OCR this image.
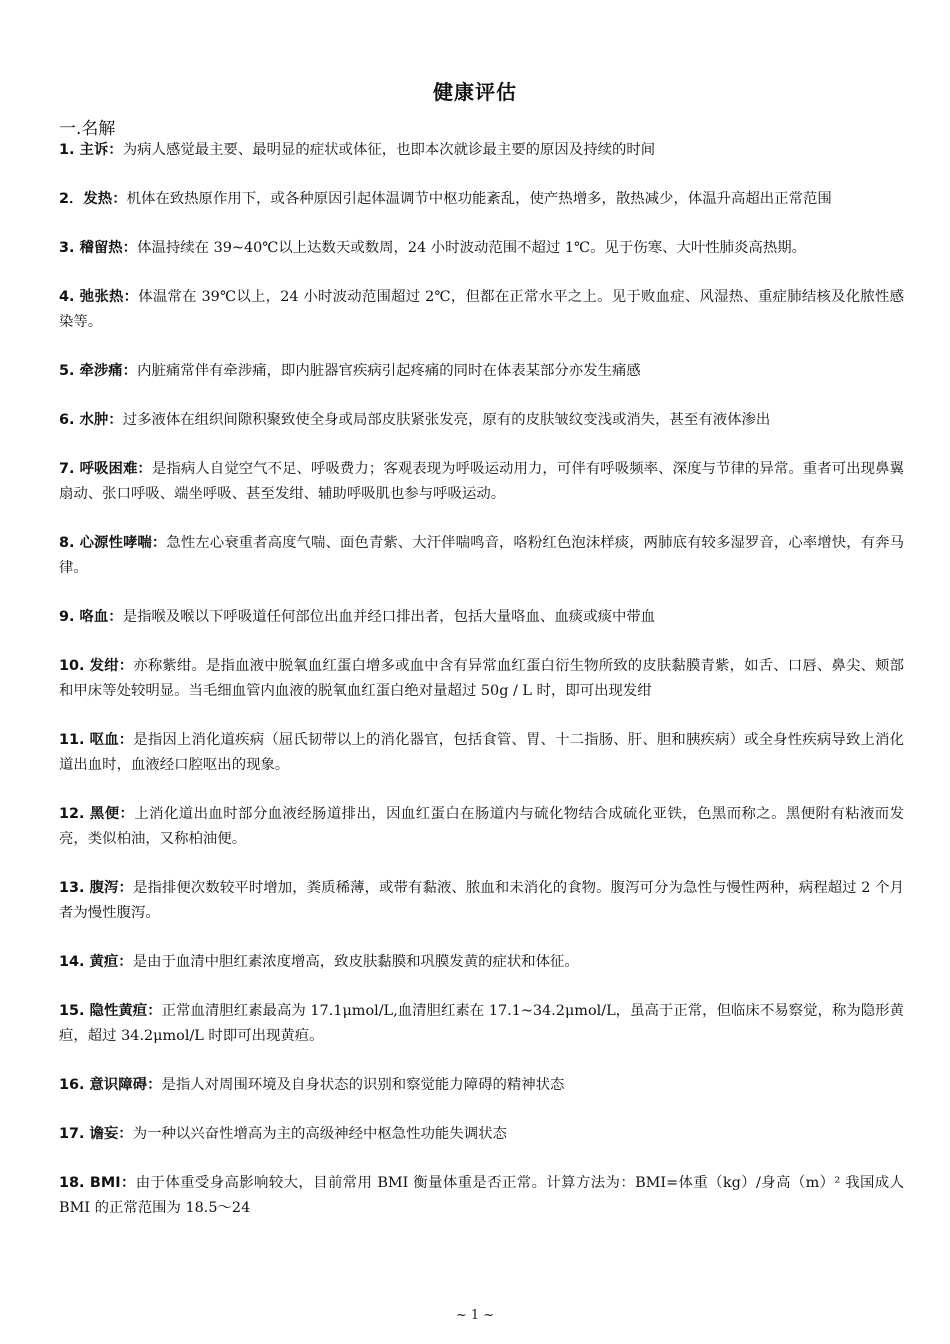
健康评估
一.名解

1. 主诉：为病人感觉最主要、最明显的症状或体征，也即本次就诊最主要的原因及持续的时间

2．发热：机体在致热原作用下，或各种原因引起体温调节中枢功能紊乱，使产热增多，散热减少，体温升高超出正常范围

3. 稽留热：体温持续在 39~40℃以上达数天或数周，24 小时波动范围不超过 1℃。见于伤寒、大叶性肺炎高热期。

4. 弛张热：体温常在 39℃以上，24 小时波动范围超过 2℃，但都在正常水平之上。见于败血症、风湿热、重症肺结核及化脓性感染等。

5. 牵涉痛：内脏痛常伴有牵涉痛，即内脏器官疾病引起疼痛的同时在体表某部分亦发生痛感

6. 水肿：过多液体在组织间隙积聚致使全身或局部皮肤紧张发亮，原有的皮肤皱纹变浅或消失，甚至有液体渗出

7. 呼吸困难：是指病人自觉空气不足、呼吸费力；客观表现为呼吸运动用力，可伴有呼吸频率、深度与节律的异常。重者可出现鼻翼扇动、张口呼吸、端坐呼吸、甚至发绀、辅助呼吸肌也参与呼吸运动。

8. 心源性哮喘：急性左心衰重者高度气喘、面色青紫、大汗伴喘鸣音，咯粉红色泡沫样痰，两肺底有较多湿罗音，心率增快，有奔马律。

9. 咯血：是指喉及喉以下呼吸道任何部位出血并经口排出者，包括大量咯血、血痰或痰中带血

10. 发绀：亦称紫绀。是指血液中脱氧血红蛋白增多或血中含有异常血红蛋白衍生物所致的皮肤黏膜青紫，如舌、口唇、鼻尖、颊部和甲床等处较明显。当毛细血管内血液的脱氧血红蛋白绝对量超过 50g / L 时，即可出现发绀

11. 呕血：是指因上消化道疾病（屈氏韧带以上的消化器官，包括食管、胃、十二指肠、肝、胆和胰疾病）或全身性疾病导致上消化道出血时，血液经口腔呕出的现象。

12. 黑便：上消化道出血时部分血液经肠道排出，因血红蛋白在肠道内与硫化物结合成硫化亚铁，色黑而称之。黑便附有粘液而发亮，类似柏油，又称柏油便。

13. 腹泻：是指排便次数较平时增加，粪质稀薄，或带有黏液、脓血和未消化的食物。腹泻可分为急性与慢性两种，病程超过 2 个月者为慢性腹泻。

14. 黄疸：是由于血清中胆红素浓度增高，致皮肤黏膜和巩膜发黄的症状和体征。

15. 隐性黄疸：正常血清胆红素最高为 17.1μmol/L,血清胆红素在 17.1~34.2μmol/L，虽高于正常，但临床不易察觉，称为隐形黄疸，超过 34.2μmol/L 时即可出现黄疸。

16. 意识障碍：是指人对周围环境及自身状态的识别和察觉能力障碍的精神状态

17. 谵妄：为一种以兴奋性增高为主的高级神经中枢急性功能失调状态

18. BMI：由于体重受身高影响较大，目前常用 BMI 衡量体重是否正常。计算方法为：BMI=体重（kg）/身高（m）² 我国成人 BMI 的正常范围为 18.5～24

~ 1 ~
